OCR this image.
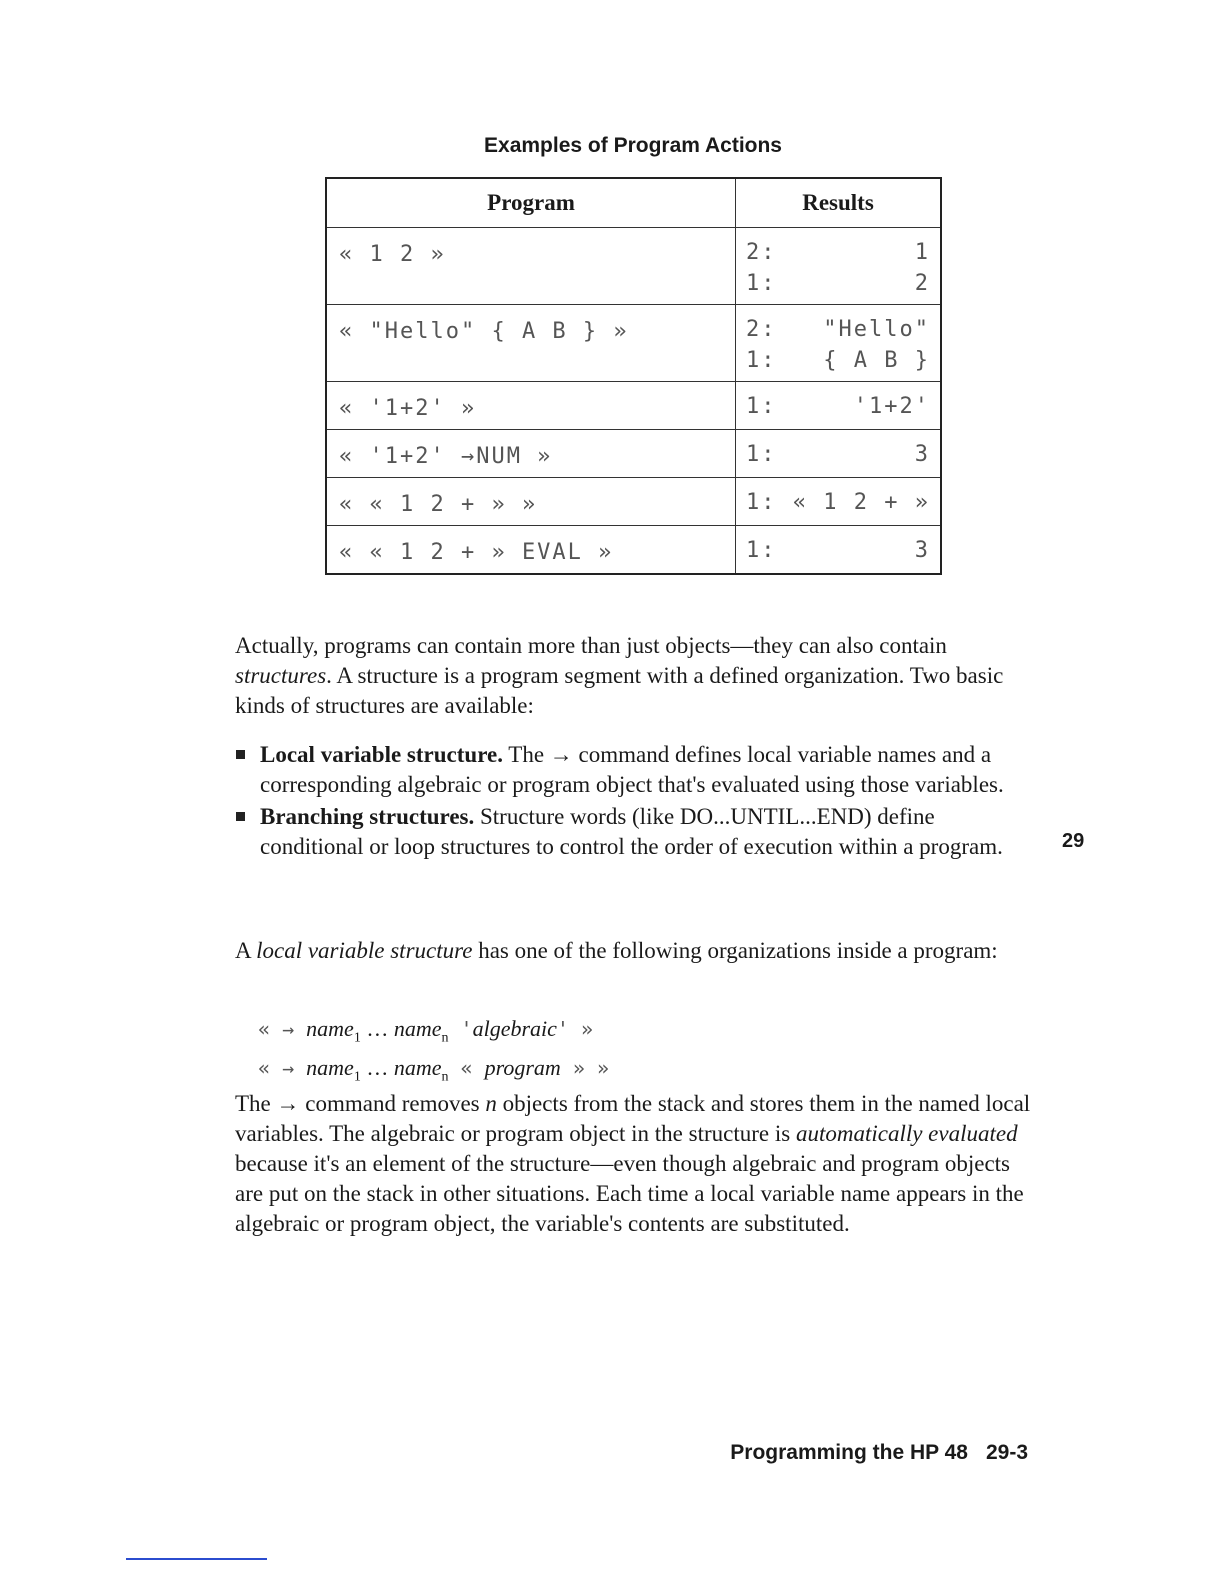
Examples of Program Actions
Program	Results
« 1 2 »	2: 1
1: 2

« "Hello" { A B } »	2: "Hello"
1: { A B }

« '1+2' »	1: '1+2'

« '1+2' →NUM »	1: 3

« « 1 2 + » »	1: « 1 2 + »

« « 1 2 + » EVAL »	1: 3

Actually, programs can contain more than just objects—they can also contain structures. A structure is a program segment with a defined organization. Two basic kinds of structures are available:

Local variable structure. The → command defines local variable names and a corresponding algebraic or program object that's evaluated using those variables.
Branching structures. Structure words (like DO...UNTIL...END) define conditional or loop structures to control the order of execution within a program.

A local variable structure has one of the following organizations inside a program:

« → name$_1$ … name$_n$ 'algebraic' »
« → name$_1$ … name$_n$ « program » »

The → command removes n objects from the stack and stores them in the named local variables. The algebraic or program object in the structure is automatically evaluated because it's an element of the structure—even though algebraic and program objects are put on the stack in other situations. Each time a local variable name appears in the algebraic or program object, the variable's contents are substituted.

29
Programming the HP 48 29-3
